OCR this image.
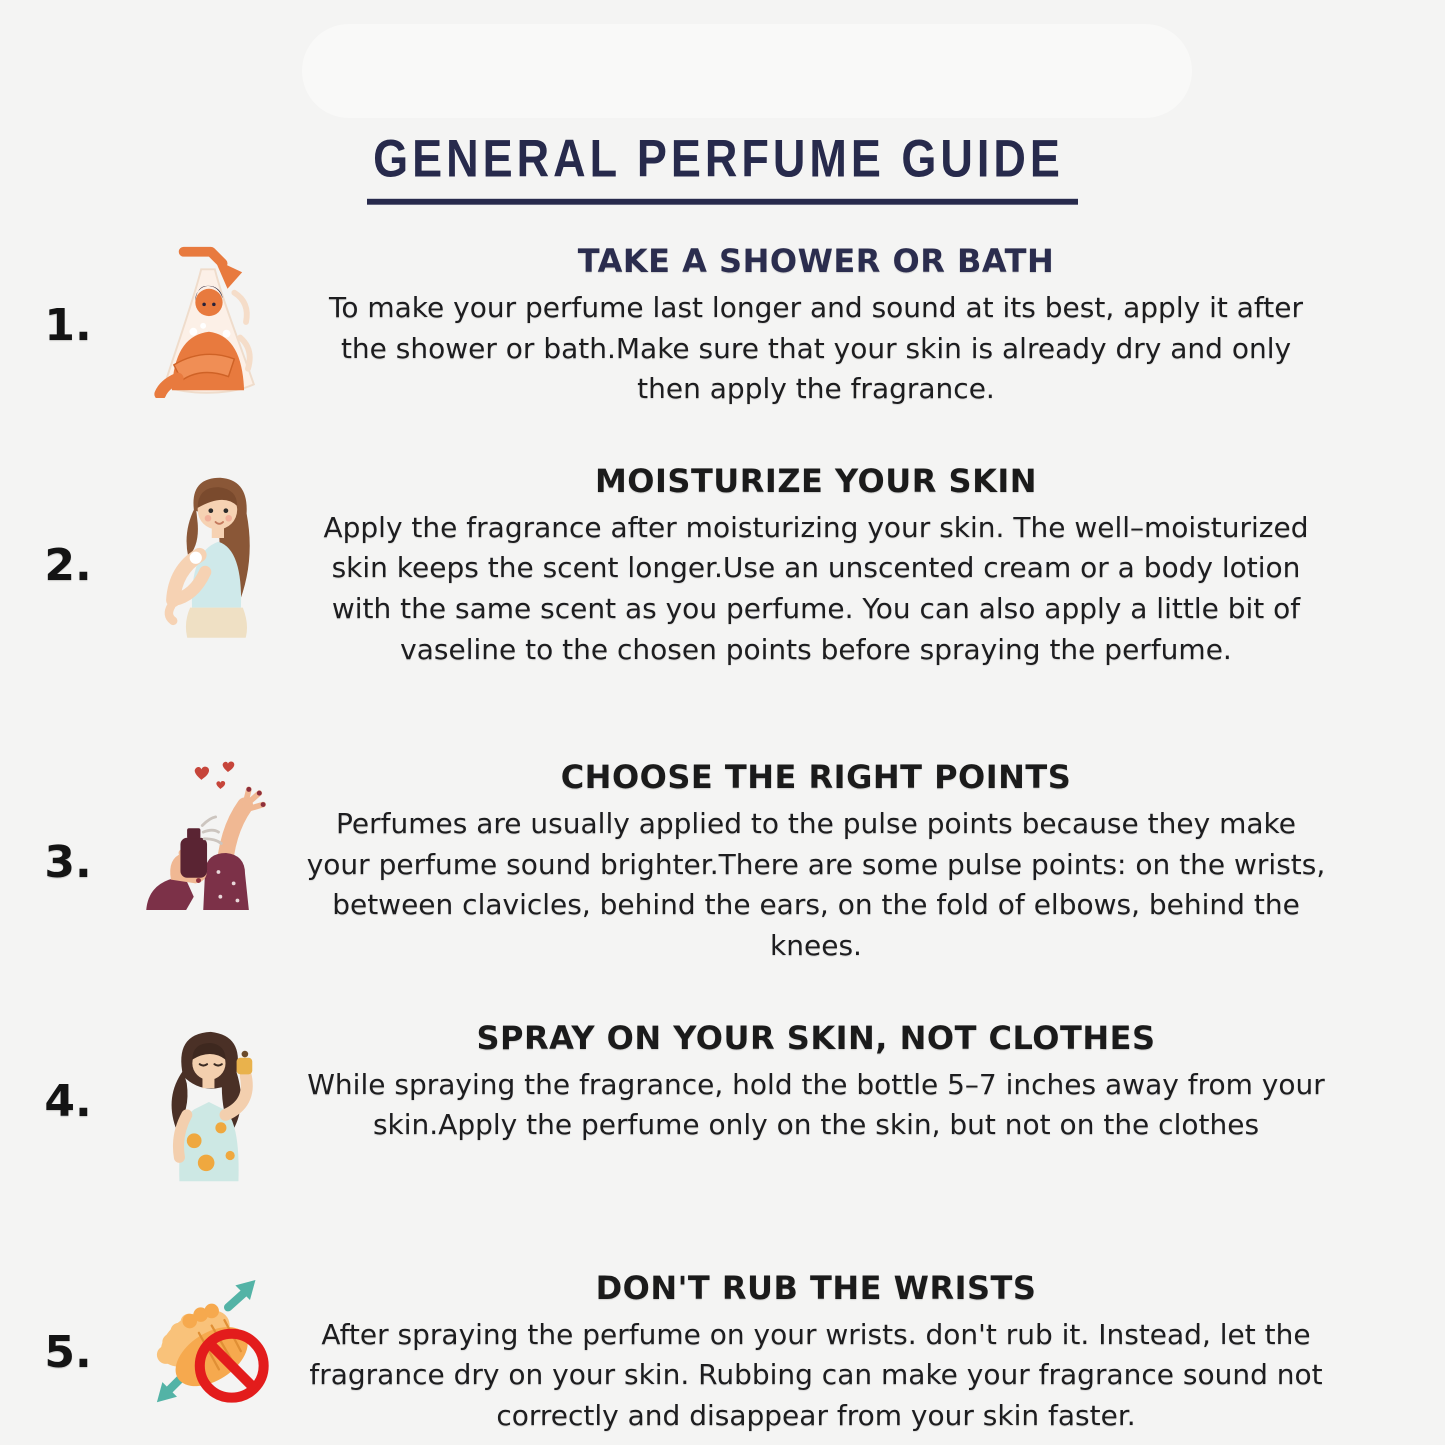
GENERAL PERFUME GUIDE
1.
TAKE A SHOWER OR BATH

To make your perfume last longer and sound at its best, apply it after the shower or bath.Make sure that your skin is already dry and only then apply the fragrance.

2.
MOISTURIZE YOUR SKIN

Apply the fragrance after moisturizing your skin. The well–moisturized skin keeps the scent longer.Use an unscented cream or a body lotion with the same scent as you perfume. You can also apply a little bit of vaseline to the chosen points before spraying the perfume.

3.
CHOOSE THE RIGHT POINTS

Perfumes are usually applied to the pulse points because they make your perfume sound brighter.There are some pulse points: on the wrists, between clavicles, behind the ears, on the fold of elbows, behind the knees.

4.
SPRAY ON YOUR SKIN, NOT CLOTHES

While spraying the fragrance, hold the bottle 5–7 inches away from your skin.Apply the perfume only on the skin, but not on the clothes

5.
DON'T RUB THE WRISTS

After spraying the perfume on your wrists. don't rub it. Instead, let the fragrance dry on your skin. Rubbing can make your fragrance sound not correctly and disappear from your skin faster.
